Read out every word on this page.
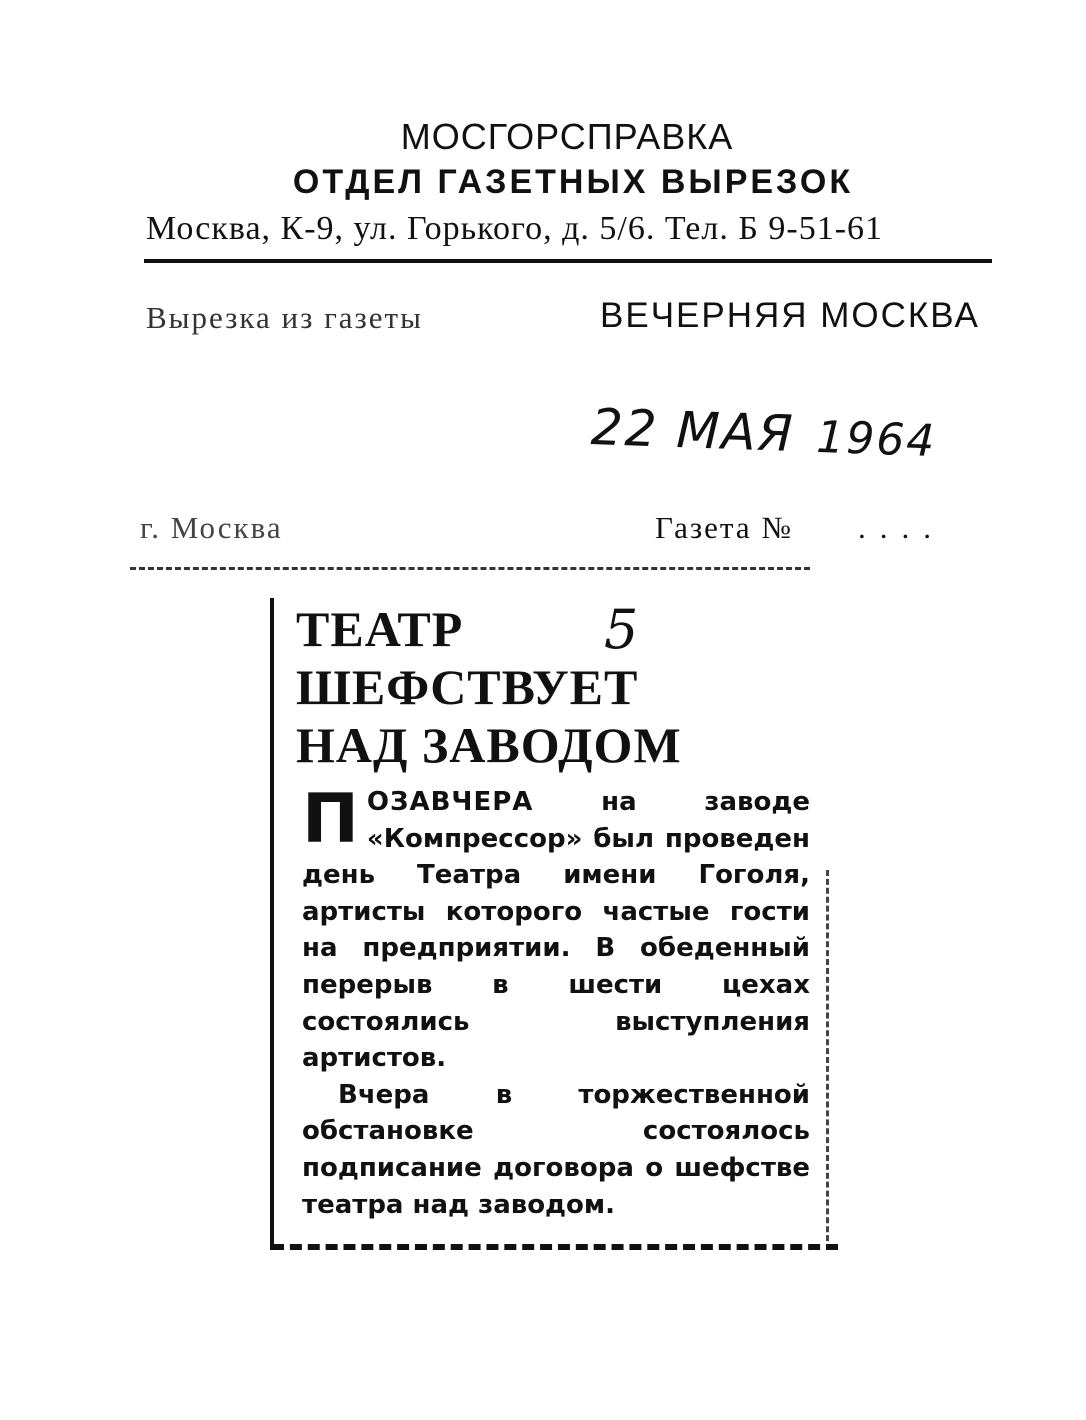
МОСГОРСПРАВКА
ОТДЕЛ ГАЗЕТНЫХ ВЫРЕЗОК
Москва, К-9, ул. Горького, д. 5/6. Тел. Б 9-51-61
Вырезка из газеты	ВЕЧЕРНЯЯ МОСКВА
22 МАЯ 1964
г. Москва	Газета № ....
ТЕАТР
ШЕФСТВУЕТ
НАД ЗАВОДОМ
5

ПОЗАВЧЕРА на заводе «Компрессор» был проведен день Театра имени Гоголя, артисты которого частые гости на предприятии. В обеденный перерыв в шести цехах состоялись выступления артистов.

Вчера в торжественной обстановке состоялось подписание договора о шефстве театра над заводом.
